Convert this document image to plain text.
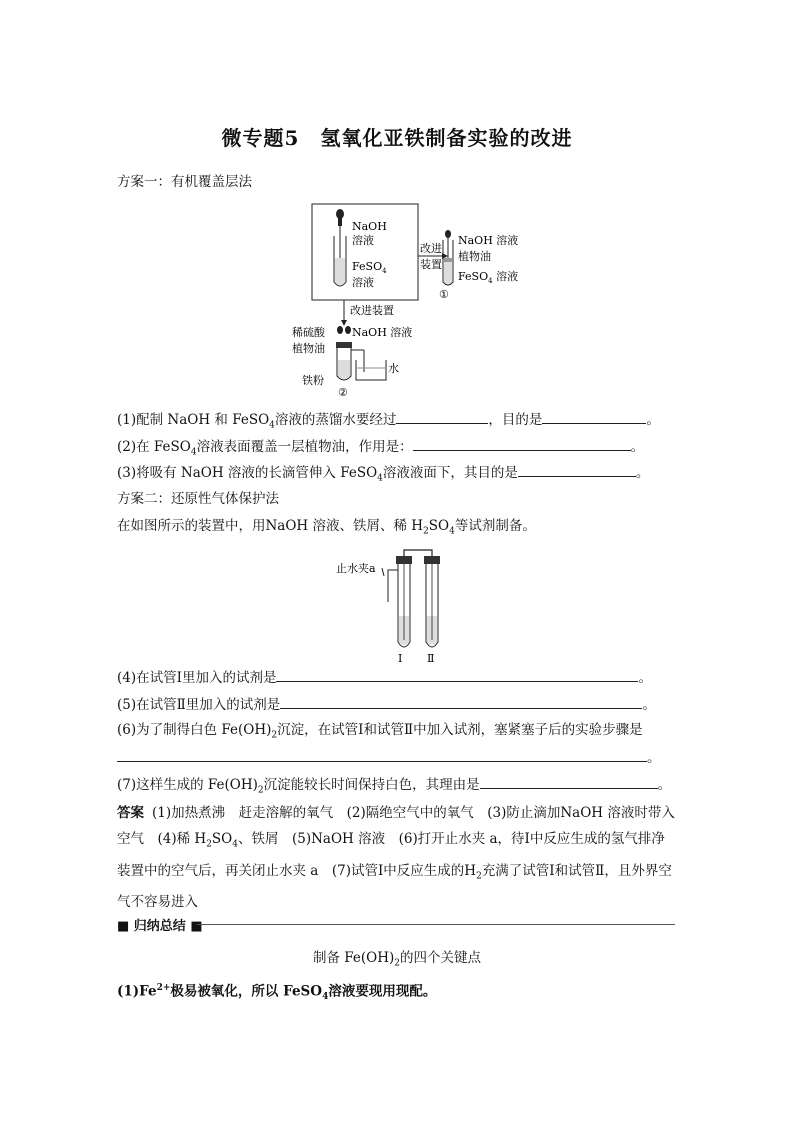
微专题5　氢氧化亚铁制备实验的改进
方案一：有机覆盖层法
NaOH
溶液
FeSO$_4$
溶液
改进
装置
NaOH 溶液
植物油
FeSO$_4$ 溶液
①
改进装置
稀硫酸 NaOH 溶液
植物油
水
铁粉
②
(1)配制 NaOH 和 FeSO$_4$溶液的蒸馏水要经过	，目的是	。
(2)在 FeSO$_4$溶液表面覆盖一层植物油，作用是：	。
(3)将吸有 NaOH 溶液的长滴管伸入 FeSO$_4$溶液液面下，其目的是	。
方案二：还原性气体保护法
在如图所示的装置中，用NaOH 溶液、铁屑、稀 $H_2SO_4$等试剂制备。
止水夹a
Ⅰ Ⅱ
(4)在试管Ⅰ里加入的试剂是	。
(5)在试管Ⅱ里加入的试剂是	。
(6)为了制得白色 $Fe(OH)_2$沉淀，在试管Ⅰ和试管Ⅱ中加入试剂，塞紧塞子后的实验步骤是
。
(7)这样生成的 $Fe(OH)_2$沉淀能较长时间保持白色，其理由是	。
答案 (1)加热煮沸　赶走溶解的氧气　(2)隔绝空气中的氧气　(3)防止滴加NaOH 溶液时带入空气　(4)稀 $H_2SO_4$、铁屑　(5)NaOH 溶液　(6)打开止水夹 a，待Ⅰ中反应生成的氢气排净装置中的空气后，再关闭止水夹 a　(7)试管Ⅰ中反应生成的$H_2$充满了试管Ⅰ和试管Ⅱ，且外界空气不容易进入
■ 归纳总结 ■
制备 $Fe(OH)_2$的四个关键点
$(1)Fe^{2+}$极易被氧化，所以 FeSO$_4$溶液要现用现配。
